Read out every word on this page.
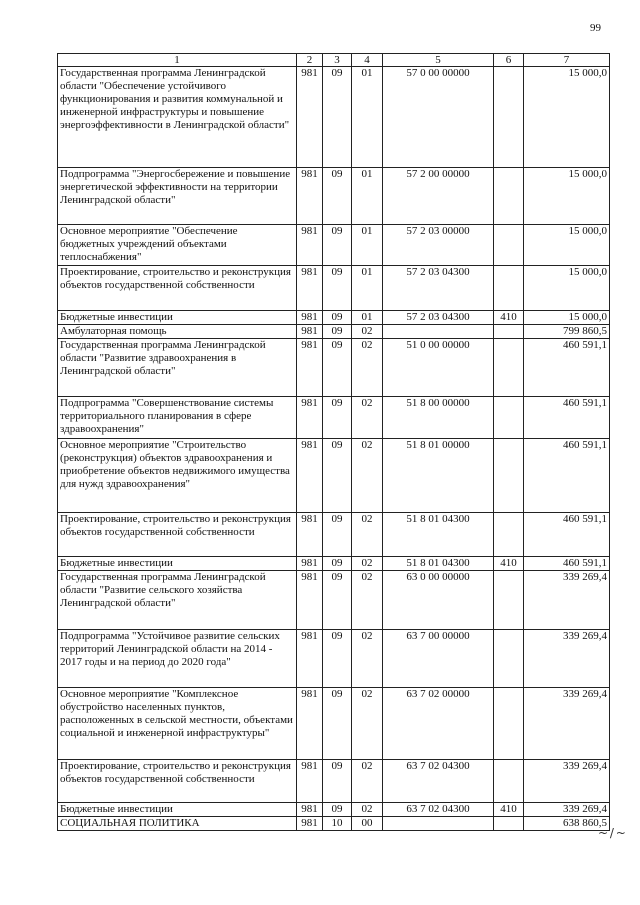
99
1	2	3	4	5	6	7
Государственная программа Ленинградской области "Обеспечение устойчивого функционирования и развития коммунальной и инженерной инфраструктуры и повышение энергоэффективности в Ленинградской области"	981	09	01	57 0 00 00000		15 000,0
Подпрограмма "Энергосбережение и повышение энергетической эффективности на территории Ленинградской области"	981	09	01	57 2 00 00000		15 000,0
Основное мероприятие "Обеспечение бюджетных учреждений объектами теплоснабжения"	981	09	01	57 2 03 00000		15 000,0
Проектирование, строительство и реконструкция объектов государственной собственности	981	09	01	57 2 03 04300		15 000,0
Бюджетные инвестиции	981	09	01	57 2 03 04300	410	15 000,0
Амбулаторная помощь	981	09	02			799 860,5
Государственная программа Ленинградской области "Развитие здравоохранения в Ленинградской области"	981	09	02	51 0 00 00000		460 591,1
Подпрограмма "Совершенствование системы территориального планирования в сфере здравоохранения"	981	09	02	51 8 00 00000		460 591,1
Основное мероприятие "Строительство (реконструкция) объектов здравоохранения и приобретение объектов недвижимого имущества для нужд здравоохранения"	981	09	02	51 8 01 00000		460 591,1
Проектирование, строительство и реконструкция объектов государственной собственности	981	09	02	51 8 01 04300		460 591,1
Бюджетные инвестиции	981	09	02	51 8 01 04300	410	460 591,1
Государственная программа Ленинградской области "Развитие сельского хозяйства Ленинградской области"	981	09	02	63 0 00 00000		339 269,4
Подпрограмма "Устойчивое развитие сельских территорий Ленинградской области на 2014 - 2017 годы и на период до 2020 года"	981	09	02	63 7 00 00000		339 269,4
Основное мероприятие "Комплексное обустройство населенных пунктов, расположенных в сельской местности, объектами социальной и инженерной инфраструктуры"	981	09	02	63 7 02 00000		339 269,4
Проектирование, строительство и реконструкция объектов государственной собственности	981	09	02	63 7 02 04300		339 269,4
Бюджетные инвестиции	981	09	02	63 7 02 04300	410	339 269,4
СОЦИАЛЬНАЯ ПОЛИТИКА	981	10	00			638 860,5
~ / ~
